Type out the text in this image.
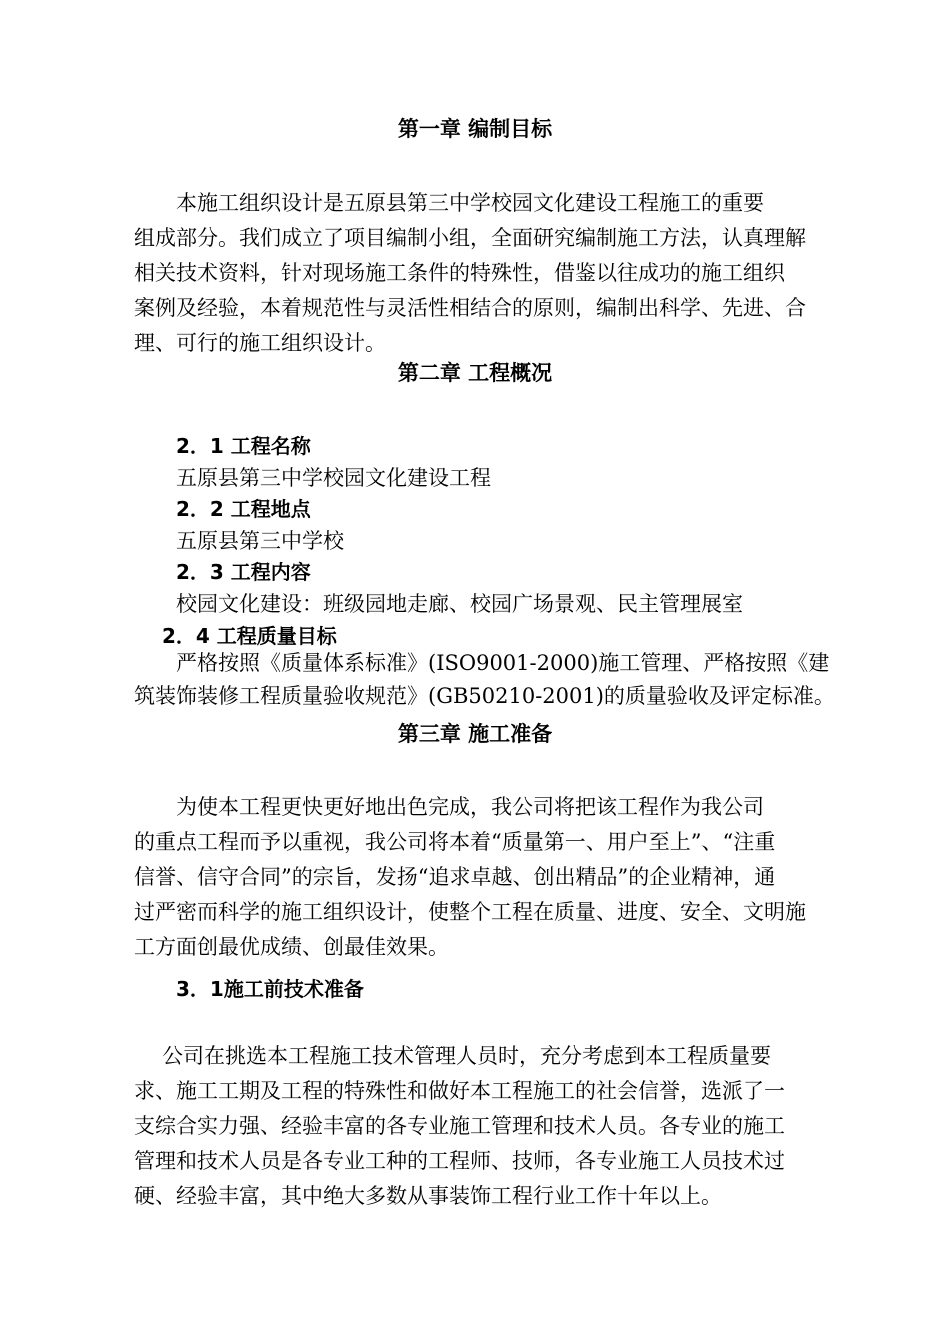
第一章 编制目标
本施工组织设计是五原县第三中学校园文化建设工程施工的重要
组成部分。我们成立了项目编制小组，全面研究编制施工方法，认真理解
相关技术资料，针对现场施工条件的特殊性，借鉴以往成功的施工组织
案例及经验，本着规范性与灵活性相结合的原则，编制出科学、先进、合
理、可行的施工组织设计。
第二章 工程概况
2．1 工程名称
五原县第三中学校园文化建设工程
2．2 工程地点
五原县第三中学校
2．3 工程内容
校园文化建设：班级园地走廊、校园广场景观、民主管理展室
2．4 工程质量目标
严格按照《质量体系标准》(ISO9001-2000)施工管理、严格按照《建
筑装饰装修工程质量验收规范》(GB50210-2001)的质量验收及评定标准。
第三章 施工准备
为使本工程更快更好地出色完成，我公司将把该工程作为我公司
的重点工程而予以重视，我公司将本着“质量第一、用户至上”、“注重
信誉、信守合同”的宗旨，发扬“追求卓越、创出精品”的企业精神，通
过严密而科学的施工组织设计，使整个工程在质量、进度、安全、文明施
工方面创最优成绩、创最佳效果。
3．1施工前技术准备
公司在挑选本工程施工技术管理人员时，充分考虑到本工程质量要
求、施工工期及工程的特殊性和做好本工程施工的社会信誉，选派了一
支综合实力强、经验丰富的各专业施工管理和技术人员。各专业的施工
管理和技术人员是各专业工种的工程师、技师，各专业施工人员技术过
硬、经验丰富，其中绝大多数从事装饰工程行业工作十年以上。
